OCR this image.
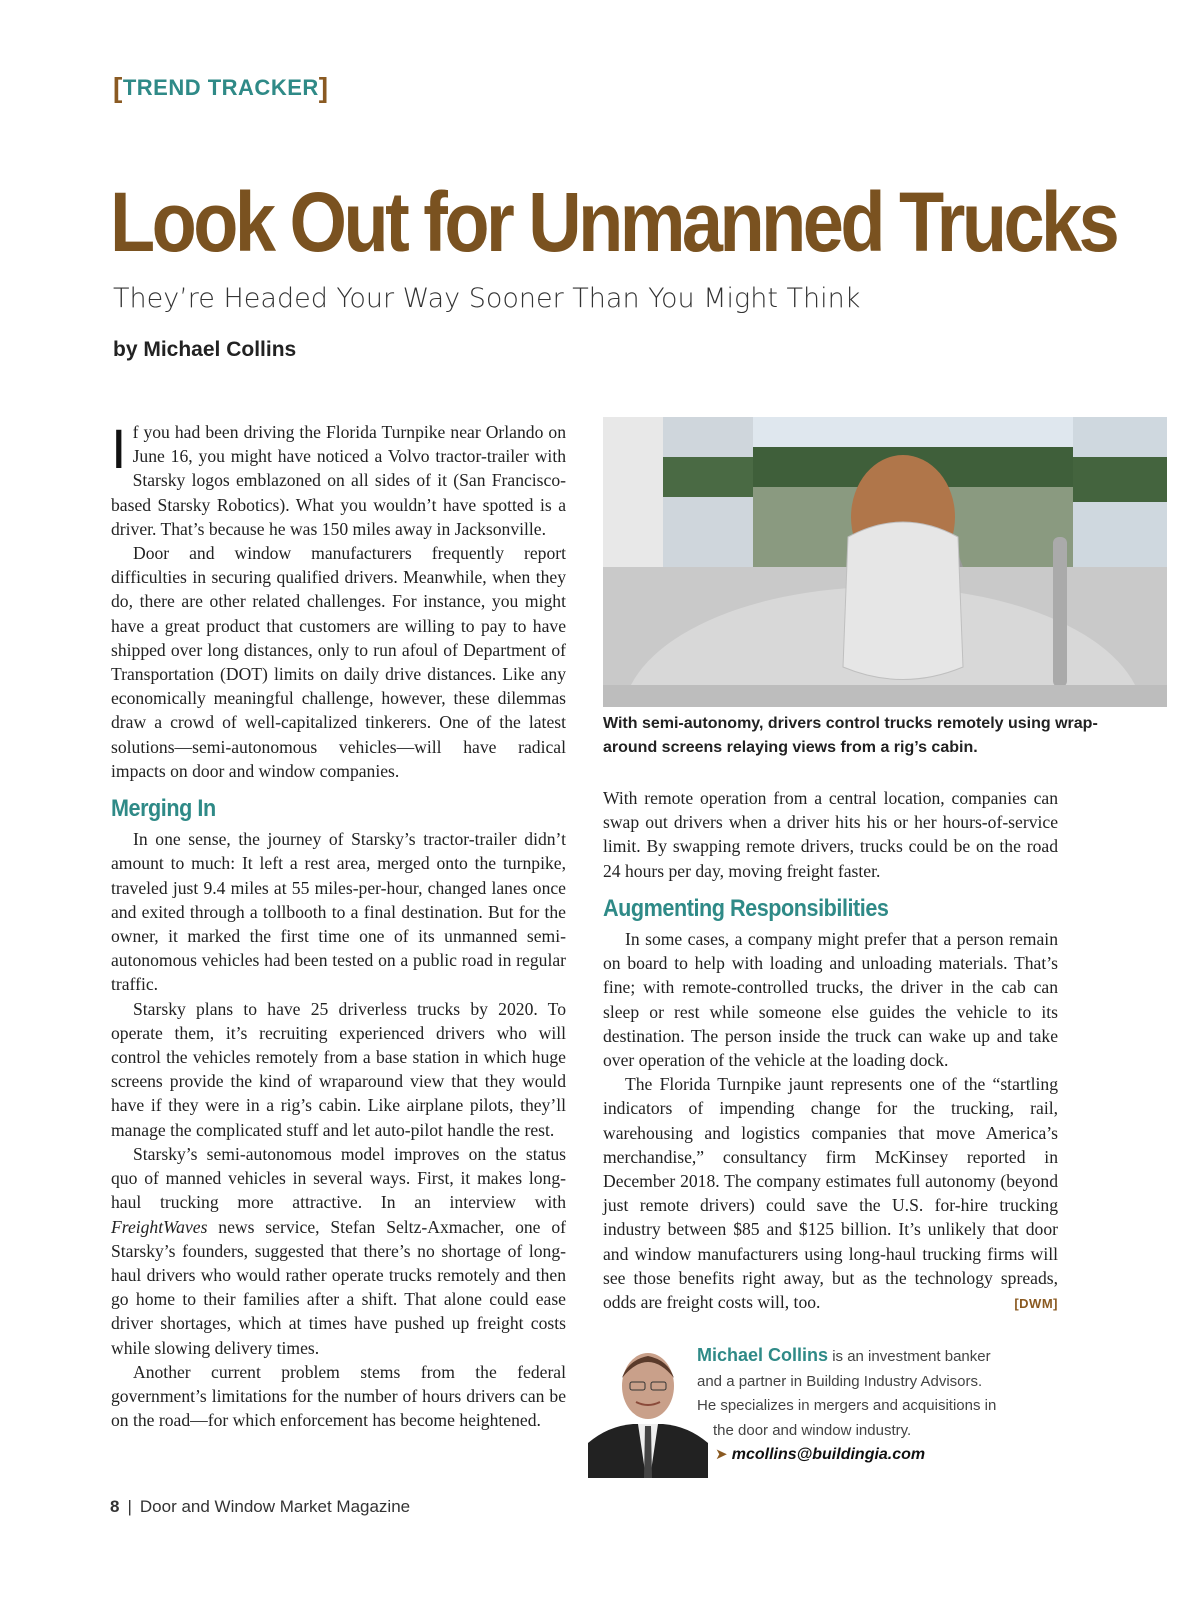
[TREND TRACKER]
Look Out for Unmanned Trucks
They’re Headed Your Way Sooner Than You Might Think
by Michael Collins

If you had been driving the Florida Turnpike near Orlando on June 16, you might have noticed a Volvo tractor-trailer with Starsky logos emblazoned on all sides of it (San Francisco-based Starsky Robotics). What you wouldn’t have spotted is a driver. That’s because he was 150 miles away in Jacksonville.

Door and window manufacturers frequently report difficulties in securing qualified drivers. Meanwhile, when they do, there are other related challenges. For instance, you might have a great product that customers are willing to pay to have shipped over long distances, only to run afoul of Department of Transportation (DOT) limits on daily drive distances. Like any economically meaningful challenge, however, these dilemmas draw a crowd of well-capitalized tinkerers. One of the latest solutions—semi-autonomous vehicles—will have radical impacts on door and window companies.

Merging In

In one sense, the journey of Starsky’s tractor-trailer didn’t amount to much: It left a rest area, merged onto the turnpike, traveled just 9.4 miles at 55 miles-per-hour, changed lanes once and exited through a tollbooth to a final destination. But for the owner, it marked the first time one of its unmanned semi-autonomous vehicles had been tested on a public road in regular traffic.

Starsky plans to have 25 driverless trucks by 2020. To operate them, it’s recruiting experienced drivers who will control the vehicles remotely from a base station in which huge screens provide the kind of wraparound view that they would have if they were in a rig’s cabin. Like airplane pilots, they’ll manage the complicated stuff and let auto-pilot handle the rest.

Starsky’s semi-autonomous model improves on the status quo of manned vehicles in several ways. First, it makes long-haul trucking more attractive. In an interview with FreightWaves news service, Stefan Seltz-Axmacher, one of Starsky’s founders, suggested that there’s no shortage of long-haul drivers who would rather operate trucks remotely and then go home to their families after a shift. That alone could ease driver shortages, which at times have pushed up freight costs while slowing delivery times.

Another current problem stems from the federal government’s limitations for the number of hours drivers can be on the road—for which enforcement has become heightened.

With semi-autonomy, drivers control trucks remotely using wrap-around screens relaying views from a rig’s cabin.

With remote operation from a central location, companies can swap out drivers when a driver hits his or her hours-of-service limit. By swapping remote drivers, trucks could be on the road 24 hours per day, moving freight faster.

Augmenting Responsibilities

In some cases, a company might prefer that a person remain on board to help with loading and unloading materials. That’s fine; with remote-controlled trucks, the driver in the cab can sleep or rest while someone else guides the vehicle to its destination. The person inside the truck can wake up and take over operation of the vehicle at the loading dock.

The Florida Turnpike jaunt represents one of the “startling indicators of impending change for the trucking, rail, warehousing and logistics companies that move America’s merchandise,” consultancy firm McKinsey reported in December 2018. The company estimates full autonomy (beyond just remote drivers) could save the U.S. for-hire trucking industry between $85 and $125 billion. It’s unlikely that door and window manufacturers using long-haul trucking firms will see those benefits right away, but as the technology spreads, odds are freight costs will, too.	[DWM]

Michael Collins is an investment banker
and a partner in Building Industry Advisors.
He specializes in mergers and acquisitions in
the door and window industry.
➤ mcollins@buildingia.com
8 | Door and Window Market Magazine
